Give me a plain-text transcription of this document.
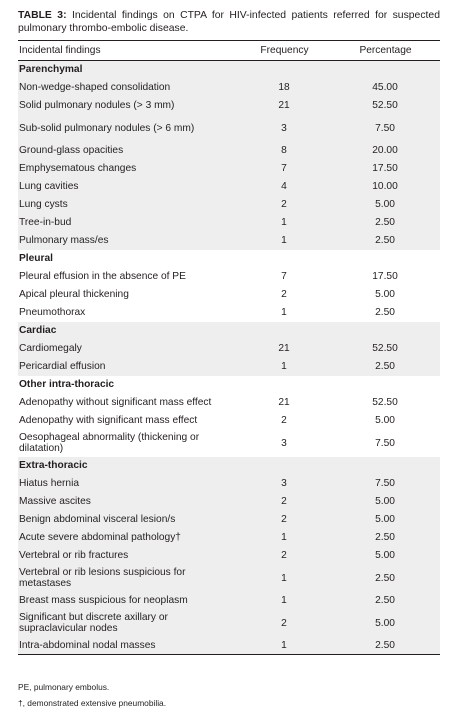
TABLE 3: Incidental findings on CTPA for HIV-infected patients referred for suspected pulmonary thrombo-embolic disease.
Incidental findings	Frequency	Percentage
Parenchymal		
Non-wedge-shaped consolidation	18	45.00
Solid pulmonary nodules (> 3 mm)	21	52.50
Sub-solid pulmonary nodules (> 6 mm)	3	7.50
Ground-glass opacities	8	20.00
Emphysematous changes	7	17.50
Lung cavities	4	10.00
Lung cysts	2	5.00
Tree-in-bud	1	2.50
Pulmonary mass/es	1	2.50
Pleural		
Pleural effusion in the absence of PE	7	17.50
Apical pleural thickening	2	5.00
Pneumothorax	1	2.50
Cardiac		
Cardiomegaly	21	52.50
Pericardial effusion	1	2.50
Other intra-thoracic		
Adenopathy without significant mass effect	21	52.50
Adenopathy with significant mass effect	2	5.00
Oesophageal abnormality (thickening or dilatation)	3	7.50
Extra-thoracic		
Hiatus hernia	3	7.50
Massive ascites	2	5.00
Benign abdominal visceral lesion/s	2	5.00
Acute severe abdominal pathology†	1	2.50
Vertebral or rib fractures	2	5.00
Vertebral or rib lesions suspicious for metastases	1	2.50
Breast mass suspicious for neoplasm	1	2.50
Significant but discrete axillary or supraclavicular nodes	2	5.00
Intra-abdominal nodal masses	1	2.50
PE, pulmonary embolus.
†, demonstrated extensive pneumobilia.
